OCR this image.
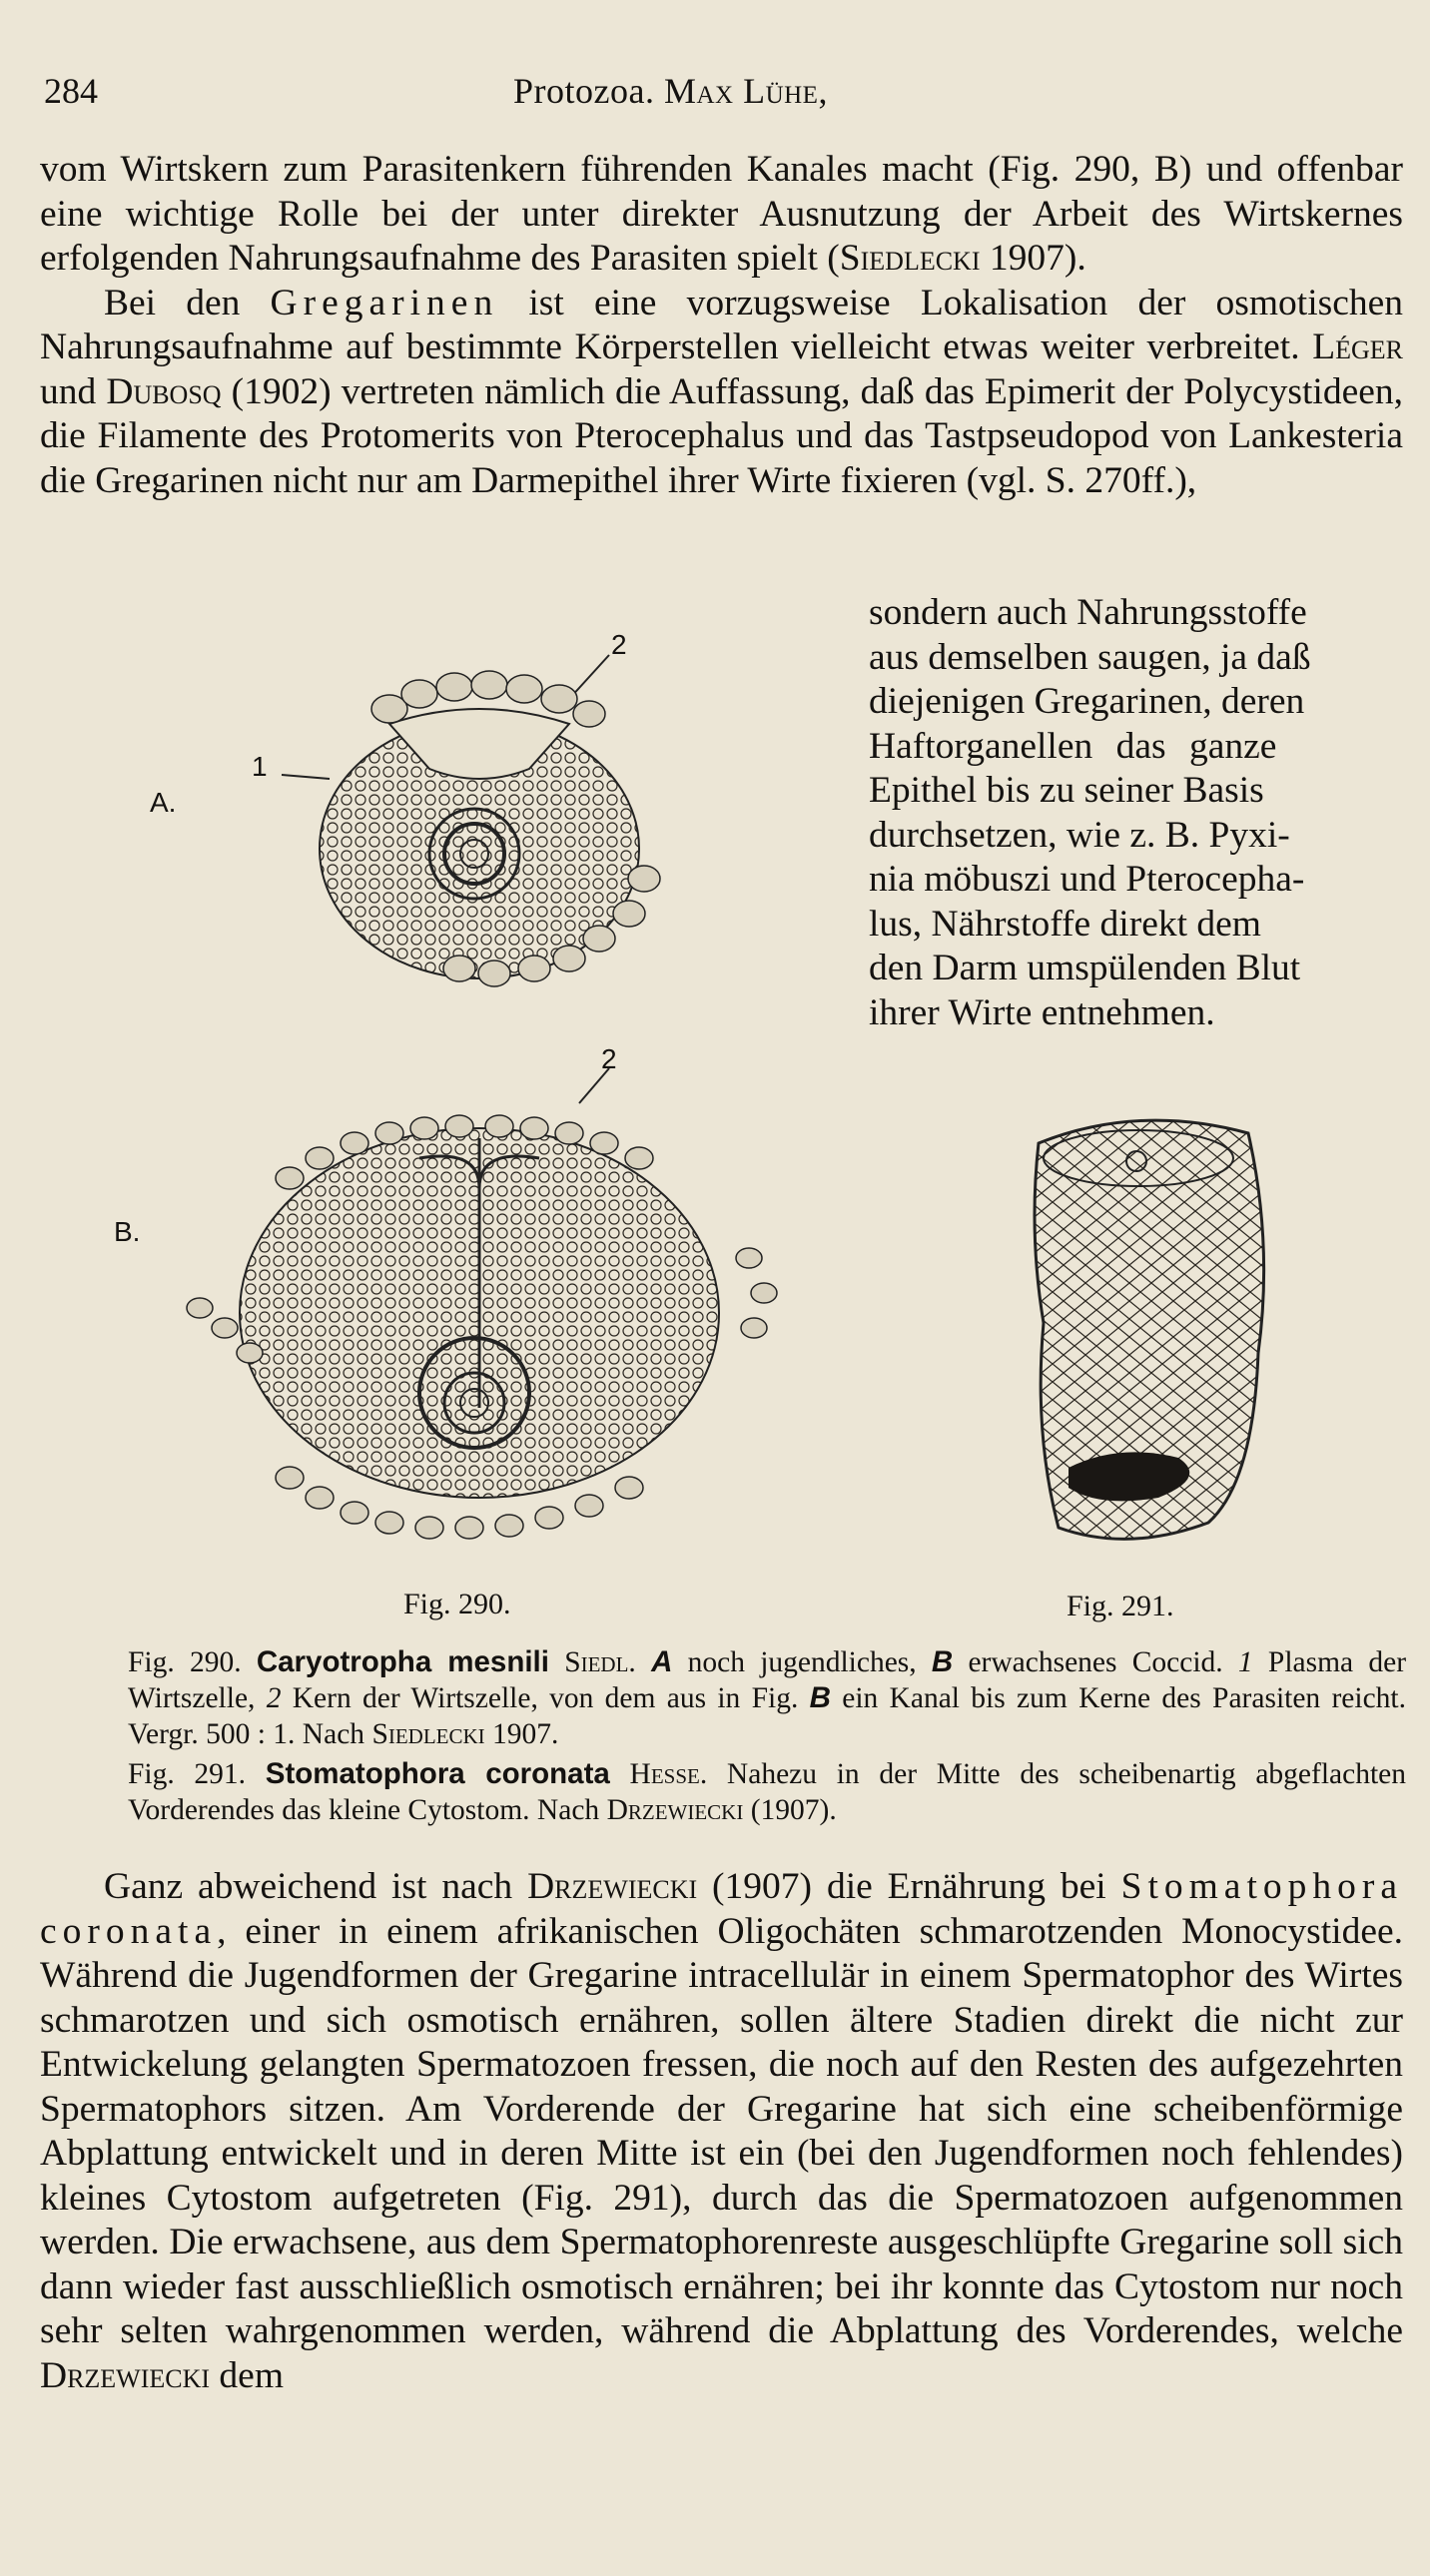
284	Protozoa. Max Lühe,

vom Wirtskern zum Parasitenkern führenden Kanales macht (Fig. 290, B) und offenbar eine wichtige Rolle bei der unter direkter Ausnutzung der Arbeit des Wirtskernes erfolgenden Nahrungsaufnahme des Parasiten spielt (Siedlecki 1907).

Bei den Gregarinen ist eine vorzugsweise Lokalisation der osmotischen Nahrungsaufnahme auf bestimmte Körperstellen vielleicht etwas weiter verbreitet. Léger und Dubosq (1902) vertreten nämlich die Auffassung, daß das Epimerit der Polycystideen, die Filamente des Protomerits von Pterocephalus und das Tastpseudopod von Lankesteria die Gregarinen nicht nur am Darmepithel ihrer Wirte fixieren (vgl. S. 270ff.),

sondern auch Nahrungsstoffe
aus demselben saugen, ja daß
diejenigen Gregarinen, deren
Haftorganellen das ganze
Epithel bis zu seiner Basis
durchsetzen, wie z. B. Pyxi-
nia möbuszi und Pterocepha-
lus, Nährstoffe direkt dem
den Darm umspülenden Blut
ihrer Wirte entnehmen.
A.
1
2
B.
2
Fig. 290.	Fig. 291.

Fig. 290. Caryotropha mesnili Siedl. A noch jugendliches, B erwachsenes Coccid. 1 Plasma der Wirtszelle, 2 Kern der Wirtszelle, von dem aus in Fig. B ein Kanal bis zum Kerne des Parasiten reicht. Vergr. 500 : 1. Nach Siedlecki 1907.

Fig. 291. Stomatophora coronata Hesse. Nahezu in der Mitte des scheibenartig abgeflachten Vorderendes das kleine Cytostom. Nach Drzewiecki (1907).

Ganz abweichend ist nach Drzewiecki (1907) die Ernährung bei Stomatophora coronata, einer in einem afrikanischen Oligochäten schmarotzenden Monocystidee. Während die Jugendformen der Gregarine intracellulär in einem Spermatophor des Wirtes schmarotzen und sich osmotisch ernähren, sollen ältere Stadien direkt die nicht zur Entwickelung gelangten Spermatozoen fressen, die noch auf den Resten des aufgezehrten Spermatophors sitzen. Am Vorderende der Gregarine hat sich eine scheibenförmige Abplattung entwickelt und in deren Mitte ist ein (bei den Jugendformen noch fehlendes) kleines Cytostom aufgetreten (Fig. 291), durch das die Spermatozoen aufgenommen werden. Die erwachsene, aus dem Spermatophorenreste ausgeschlüpfte Gregarine soll sich dann wieder fast ausschließlich osmotisch ernähren; bei ihr konnte das Cytostom nur noch sehr selten wahrgenommen werden, während die Abplattung des Vorderendes, welche Drzewiecki dem
